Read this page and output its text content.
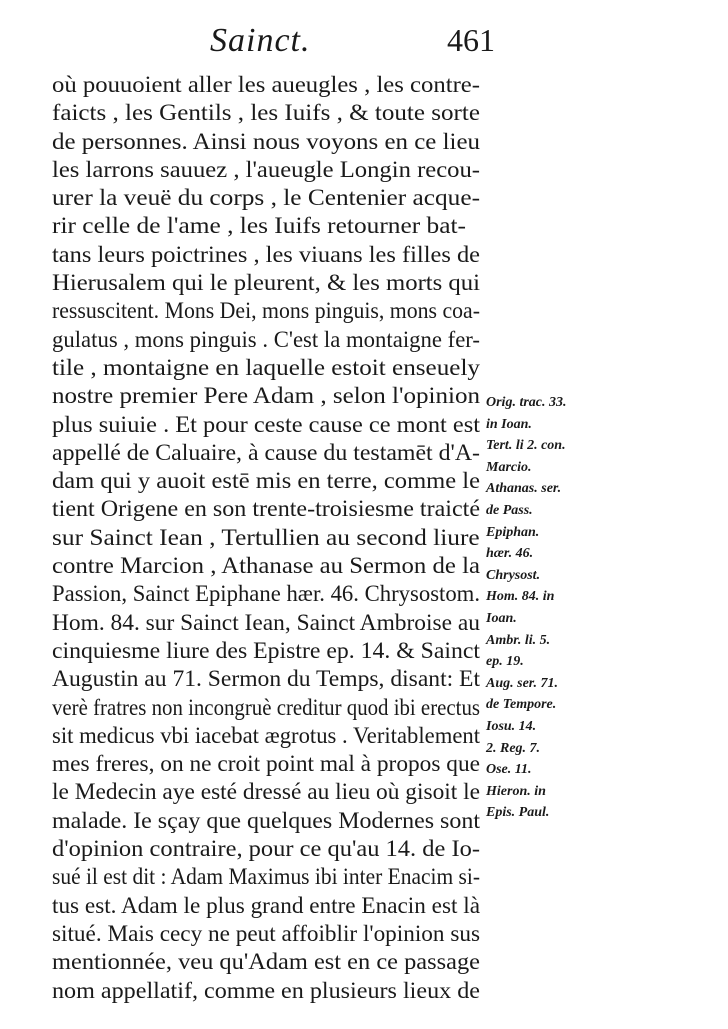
Sainct.	461
où pouuoient aller les aueugles , les contre-
faicts , les Gentils , les Iuifs , & toute sorte
de personnes. Ainsi nous voyons en ce lieu
les larrons sauuez , l'aueugle Longin recou-
urer la veuë du corps , le Centenier acque-
rir celle de l'ame , les Iuifs retourner bat-
tans leurs poictrines , les viuans les filles de
Hierusalem qui le pleurent, & les morts qui
ressuscitent. Mons Dei, mons pinguis, mons coa-
gulatus , mons pinguis . C'est la montaigne fer-
tile , montaigne en laquelle estoit enseuely
nostre premier Pere Adam , selon l'opinion
plus suiuie . Et pour ceste cause ce mont est
appellé de Caluaire, à cause du testamēt d'A-
dam qui y auoit estē mis en terre, comme le
tient Origene en son trente-troisiesme traicté
sur Sainct Iean , Tertullien au second liure
contre Marcion , Athanase au Sermon de la
Passion, Sainct Epiphane hær. 46. Chrysostom.
Hom. 84. sur Sainct Iean, Sainct Ambroise au
cinquiesme liure des Epistre ep. 14. & Sainct
Augustin au 71. Sermon du Temps, disant: Et
verè fratres non incongruè creditur quod ibi erectus
sit medicus vbi iacebat ægrotus . Veritablement
mes freres, on ne croit point mal à propos que
le Medecin aye esté dressé au lieu où gisoit le
malade. Ie sçay que quelques Modernes sont
d'opinion contraire, pour ce qu'au 14. de Io-
sué il est dit : Adam Maximus ibi inter Enacim si-
tus est. Adam le plus grand entre Enacin est là
situé. Mais cecy ne peut affoiblir l'opinion sus
mentionnée, veu qu'Adam est en ce passage
nom appellatif, comme en plusieurs lieux de
Orig. trac. 33.
in Ioan.
Tert. li 2. con.
Marcio.
Athanas. ser.
de Pass.
Epiphan.
hær. 46.
Chrysost.
Hom. 84. in
Ioan.
Ambr. li. 5.
ep. 19.
Aug. ser. 71.
de Tempore.
Iosu. 14.
2. Reg. 7.
Ose. 11.
Hieron. in
Epis. Paul.
